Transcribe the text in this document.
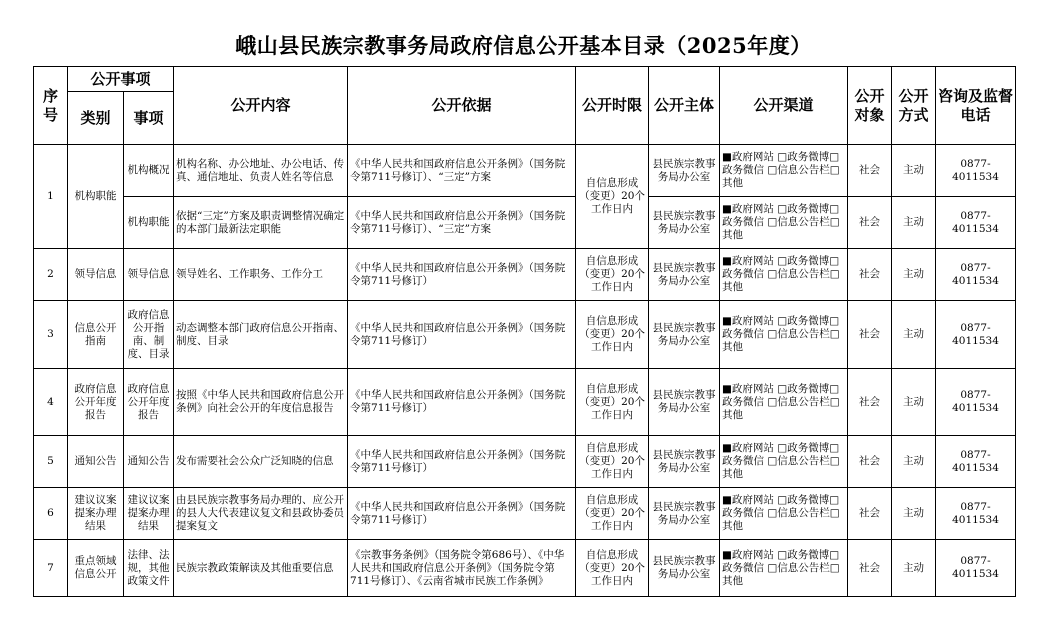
峨山县民族宗教事务局政府信息公开基本目录（2025年度）
序号	公开事项		公开内容	公开依据	公开时限	公开主体	公开渠道	公开对象	公开方式	咨询及监督电话
	类别	事项								
1	机构职能	机构概况	机构名称、办公地址、办公电话、传真、通信地址、负责人姓名等信息	《中华人民共和国政府信息公开条例》（国务院令第711号修订）、“三定”方案	自信息形成（变更）20个工作日内	县民族宗教事务局办公室	■政府网站 □政务微博□政务微信 □信息公告栏□其他	社会	主动	0877-4011534
		机构职能	依据“三定”方案及职责调整情况确定的本部门最新法定职能	《中华人民共和国政府信息公开条例》（国务院令第711号修订）、“三定”方案		县民族宗教事务局办公室	■政府网站 □政务微博□政务微信 □信息公告栏□其他	社会	主动	0877-4011534
2	领导信息	领导信息	领导姓名、工作职务、工作分工	《中华人民共和国政府信息公开条例》（国务院令第711号修订）	自信息形成（变更）20个工作日内	县民族宗教事务局办公室	■政府网站 □政务微博□政务微信 □信息公告栏□其他	社会	主动	0877-4011534
3	信息公开指南	政府信息公开指南、制度、目录	动态调整本部门政府信息公开指南、制度、目录	《中华人民共和国政府信息公开条例》（国务院令第711号修订）	自信息形成（变更）20个工作日内	县民族宗教事务局办公室	■政府网站 □政务微博□政务微信 □信息公告栏□其他	社会	主动	0877-4011534
4	政府信息公开年度报告	政府信息公开年度报告	按照《中华人民共和国政府信息公开条例》向社会公开的年度信息报告	《中华人民共和国政府信息公开条例》（国务院令第711号修订）	自信息形成（变更）20个工作日内	县民族宗教事务局办公室	■政府网站 □政务微博□政务微信 □信息公告栏□其他	社会	主动	0877-4011534
5	通知公告	通知公告	发布需要社会公众广泛知晓的信息	《中华人民共和国政府信息公开条例》（国务院令第711号修订）	自信息形成（变更）20个工作日内	县民族宗教事务局办公室	■政府网站 □政务微博□政务微信 □信息公告栏□其他	社会	主动	0877-4011534
6	建议议案提案办理结果	建议议案提案办理结果	由县民族宗教事务局办理的、应公开的县人大代表建议复文和县政协委员提案复文	《中华人民共和国政府信息公开条例》（国务院令第711号修订）	自信息形成（变更）20个工作日内	县民族宗教事务局办公室	■政府网站 □政务微博□政务微信 □信息公告栏□其他	社会	主动	0877-4011534
7	重点领域信息公开	法律、法规，其他政策文件	民族宗教政策解读及其他重要信息	《宗教事务条例》（国务院令第686号）、《中华人民共和国政府信息公开条例》（国务院令第711号修订）、《云南省城市民族工作条例》	自信息形成（变更）20个工作日内	县民族宗教事务局办公室	■政府网站 □政务微博□政务微信 □信息公告栏□其他	社会	主动	0877-4011534
